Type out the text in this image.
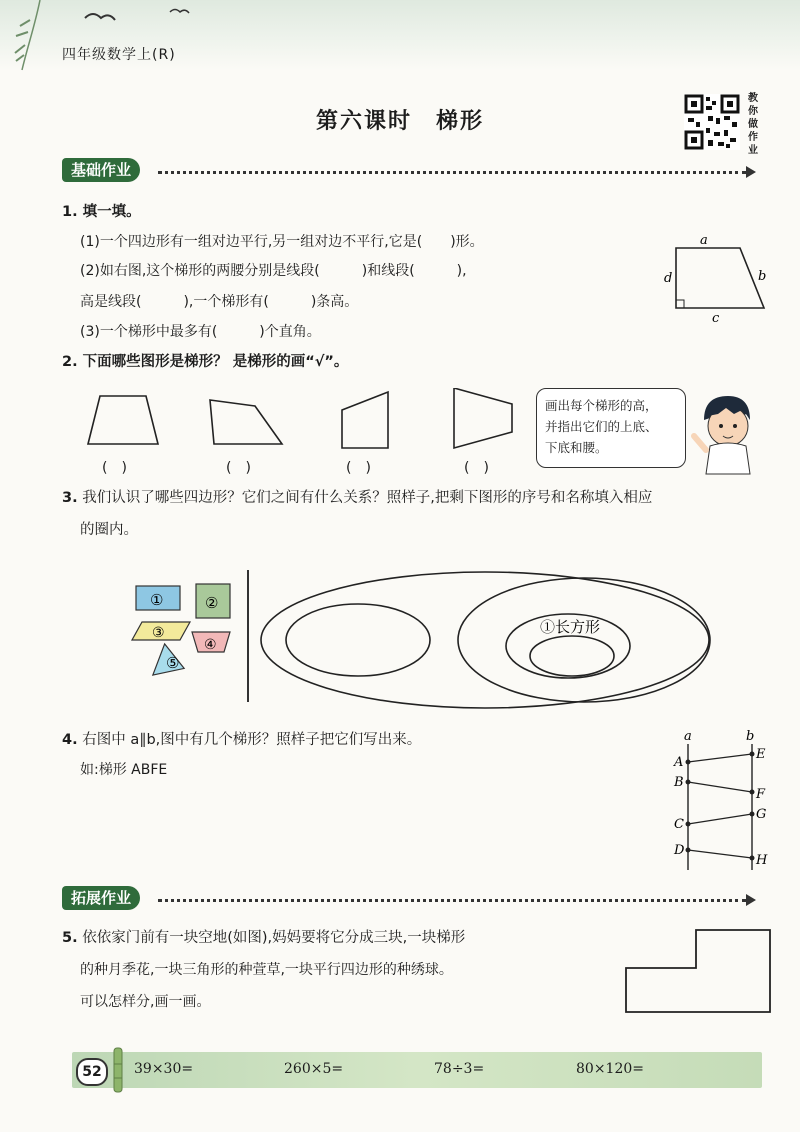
四年级数学上(R)
第六课时　梯形
教
你
做
作
业
基础作业
1. 填一填。
(1)一个四边形有一组对边平行,另一组对边不平行,它是(　　)形。
(2)如右图,这个梯形的两腰分别是线段(　　　)和线段(　　　),
高是线段(　　　),一个梯形有(　　　)条高。
(3)一个梯形中最多有(　　　)个直角。
a
b
c
d
2. 下面哪些图形是梯形？ 是梯形的画“√”。
(　)	(　)	(　)	(　)
画出每个梯形的高，
并指出它们的上底、
下底和腰。
3. 我们认识了哪些四边形？它们之间有什么关系？照样子,把剩下图形的序号和名称填入相应
的圈内。
①	②
③
④
⑤
①长方形
4. 右图中 a∥b,图中有几个梯形？照样子把它们写出来。
如:梯形 ABFE
a	b
A
B
C
D
E
F
G
H
拓展作业
5. 依依家门前有一块空地(如图),妈妈要将它分成三块,一块梯形
的种月季花,一块三角形的种萱草,一块平行四边形的种绣球。
可以怎样分,画一画。
52	39×30=	260×5=	78÷3=	80×120=
